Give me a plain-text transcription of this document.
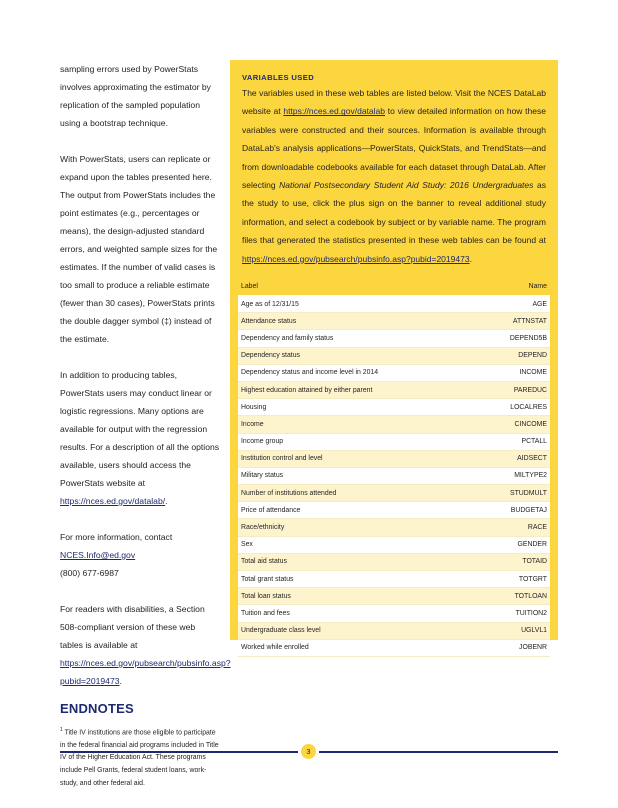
sampling errors used by PowerStats involves approximating the estimator by replication of the sampled population using a bootstrap technique.

With PowerStats, users can replicate or expand upon the tables presented here. The output from PowerStats includes the point estimates (e.g., percentages or means), the design-adjusted standard errors, and weighted sample sizes for the estimates. If the number of valid cases is too small to produce a reliable estimate (fewer than 30 cases), PowerStats prints the double dagger symbol (‡) instead of the estimate.

In addition to producing tables, PowerStats users may conduct linear or logistic regressions. Many options are available for output with the regression results. For a description of all the options available, users should access the PowerStats website at https://nces.ed.gov/datalab/.

For more information, contact
NCES.Info@ed.gov
(800) 677-6987

For readers with disabilities, a Section 508-compliant version of these web tables is available at https://nces.ed.gov/pubsearch/pubsinfo.asp?pubid=2019473.

ENDNOTES

$^1$ Title IV institutions are those eligible to participate in the federal financial aid programs included in Title IV of the Higher Education Act. These programs include Pell Grants, federal student loans, work-study, and other federal aid.

VARIABLES USED

The variables used in these web tables are listed below. Visit the NCES DataLab website at https://nces.ed.gov/datalab to view detailed information on how these variables were constructed and their sources. Information is available through DataLab's analysis applications—PowerStats, QuickStats, and TrendStats—and from downloadable codebooks available for each dataset through DataLab. After selecting National Postsecondary Student Aid Study: 2016 Undergraduates as the study to use, click the plus sign on the banner to reveal additional study information, and select a codebook by subject or by variable name. The program files that generated the statistics presented in these web tables can be found at https://nces.ed.gov/pubsearch/pubsinfo.asp?pubid=2019473.

Label	Name
Age as of 12/31/15	AGE
Attendance status	ATTNSTAT
Dependency and family status	DEPEND5B
Dependency status	DEPEND
Dependency status and income level in 2014	INCOME
Highest education attained by either parent	PAREDUC
Housing	LOCALRES
Income	CINCOME
Income group	PCTALL
Institution control and level	AIDSECT
Military status	MILTYPE2
Number of institutions attended	STUDMULT
Price of attendance	BUDGETAJ
Race/ethnicity	RACE
Sex	GENDER
Total aid status	TOTAID
Total grant status	TOTGRT
Total loan status	TOTLOAN
Tuition and fees	TUITION2
Undergraduate class level	UGLVL1
Worked while enrolled	JOBENR
3
